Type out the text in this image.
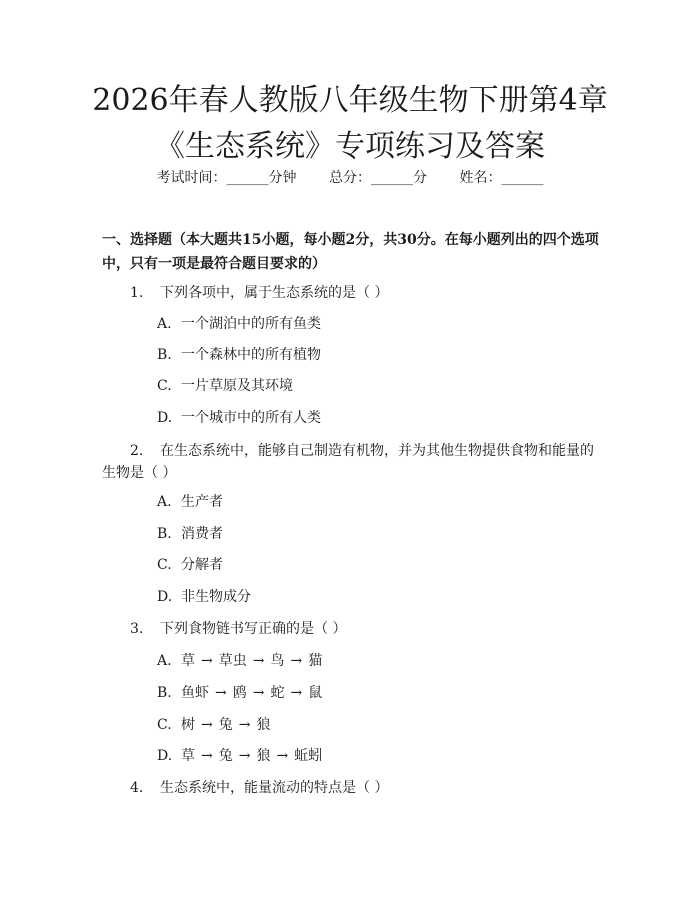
2026年春人教版八年级生物下册第4章《生态系统》专项练习及答案
考试时间：______分钟 总分：______分 姓名：______

一、选择题（本大题共15小题，每小题2分，共30分。在每小题列出的四个选项中，只有一项是最符合题目要求的）

1. 下列各项中，属于生态系统的是（ ）
A. 一个湖泊中的所有鱼类
B. 一个森林中的所有植物
C. 一片草原及其环境
D. 一个城市中的所有人类
2. 在生态系统中，能够自己制造有机物，并为其他生物提供食物和能量的生物是（ ）
A. 生产者
B. 消费者
C. 分解者
D. 非生物成分
3. 下列食物链书写正确的是（ ）
A. 草 → 草虫 → 鸟 → 猫
B. 鱼虾 → 鸥 → 蛇 → 鼠
C. 树 → 兔 → 狼
D. 草 → 兔 → 狼 → 蚯蚓
4. 生态系统中，能量流动的特点是（ ）
